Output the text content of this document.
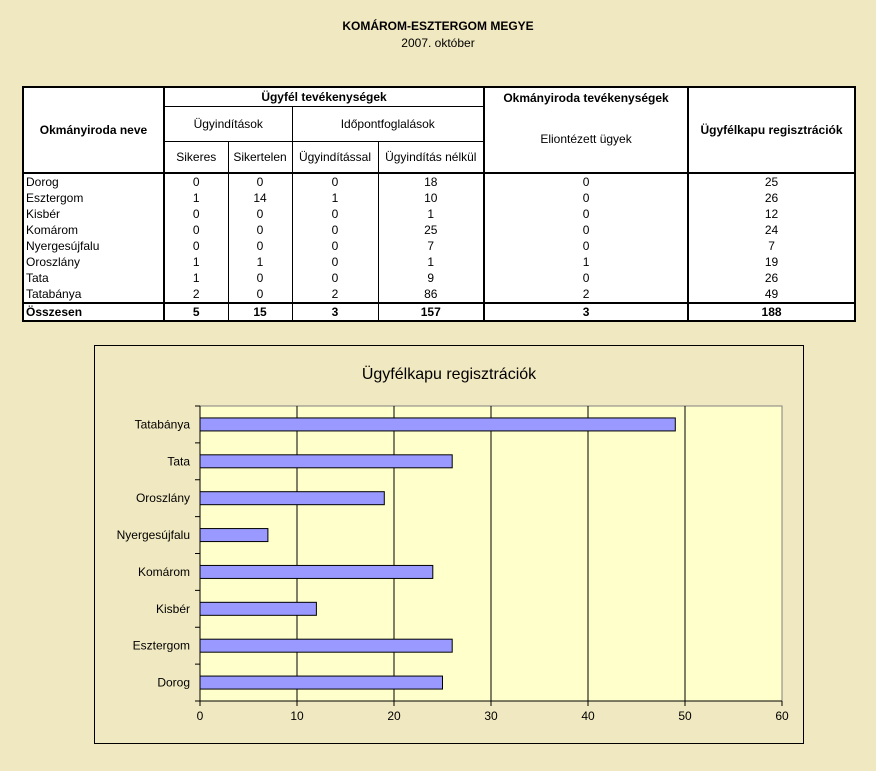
KOMÁROM-ESZTERGOM MEGYE
2007. október
Okmányiroda neve	Ügyfél tevékenységek				Okmányiroda tevékenységek	Ügyfélkapu regisztrációk
	Ügyindítások		Időpontfoglalások		Eliontézett ügyek	
	Sikeres	Sikertelen	Ügyindítással	Ügyindítás nélkül		
Dorog	0	0	0	18	0	25
Esztergom	1	14	1	10	0	26
Kisbér	0	0	0	1	0	12
Komárom	0	0	0	25	0	24
Nyergesújfalu	0	0	0	7	0	7
Oroszlány	1	1	0	1	1	19
Tata	1	0	0	9	0	26
Tatabánya	2	0	2	86	2	49
Összesen	5	15	3	157	3	188
0	10	20	30	40	50	60
Dorog
Esztergom
Kisbér
Komárom
Nyergesújfalu
Oroszlány
Tata
Tatabánya
Ügyfélkapu regisztrációk
